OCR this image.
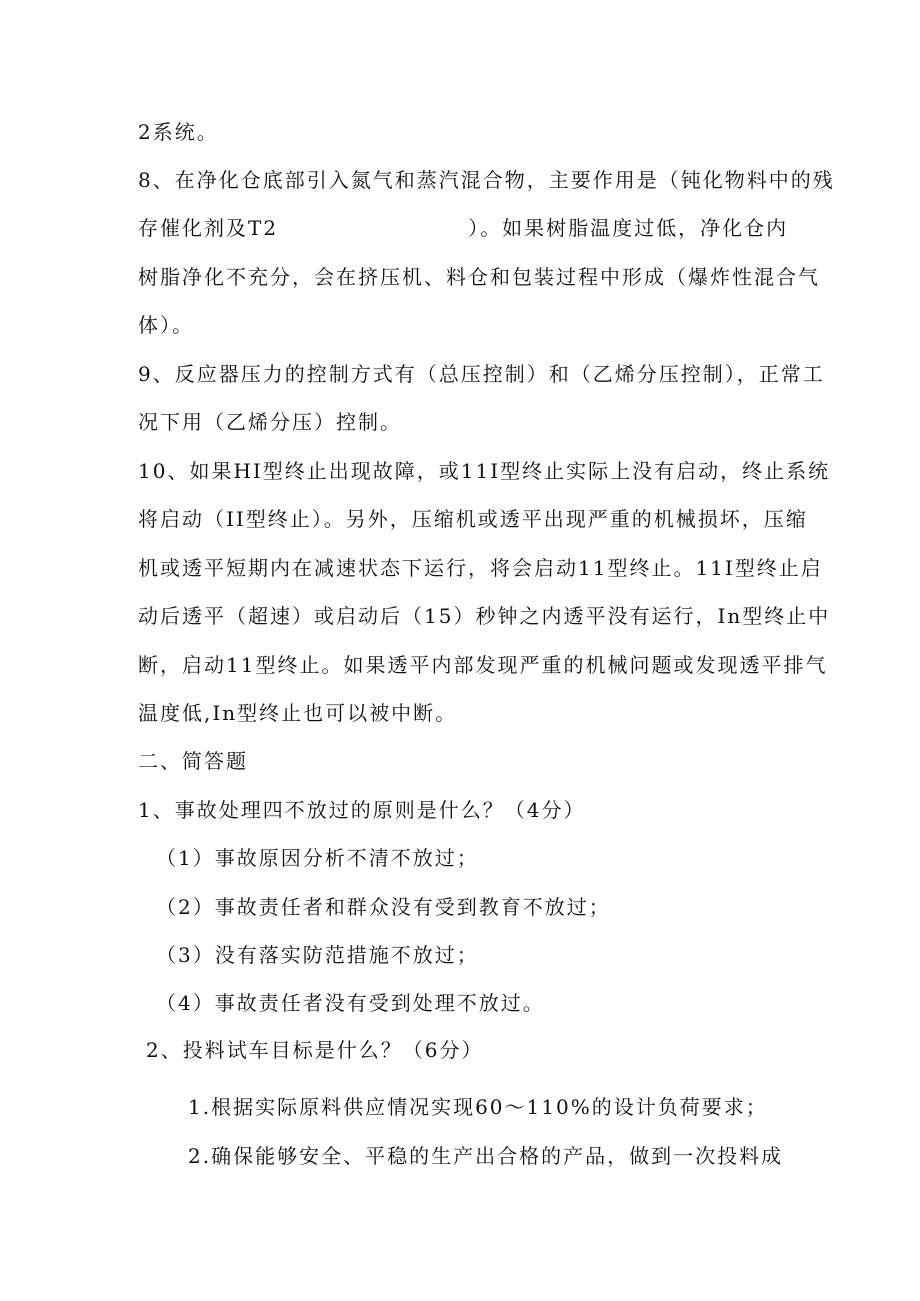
2系统。
8、在净化仓底部引入氮气和蒸汽混合物，主要作用是（钝化物料中的残
存催化剂及T2	）。如果树脂温度过低，净化仓内
树脂净化不充分，会在挤压机、料仓和包装过程中形成（爆炸性混合气
体）。
9、反应器压力的控制方式有（总压控制）和（乙烯分压控制），正常工
况下用（乙烯分压）控制。
10、如果HI型终止出现故障，或11I型终止实际上没有启动，终止系统
将启动（II型终止）。另外，压缩机或透平出现严重的机械损坏，压缩
机或透平短期内在减速状态下运行，将会启动11型终止。11I型终止启
动后透平（超速）或启动后（15）秒钟之内透平没有运行，In型终止中
断，启动11型终止。如果透平内部发现严重的机械问题或发现透平排气
温度低,In型终止也可以被中断。
二、简答题
1、事故处理四不放过的原则是什么？（4分）
（1）事故原因分析不清不放过；
（2）事故责任者和群众没有受到教育不放过；
（3）没有落实防范措施不放过；
（4）事故责任者没有受到处理不放过。
2、投料试车目标是什么？（6分）
1.根据实际原料供应情况实现60～110%的设计负荷要求；
2.确保能够安全、平稳的生产出合格的产品，做到一次投料成
